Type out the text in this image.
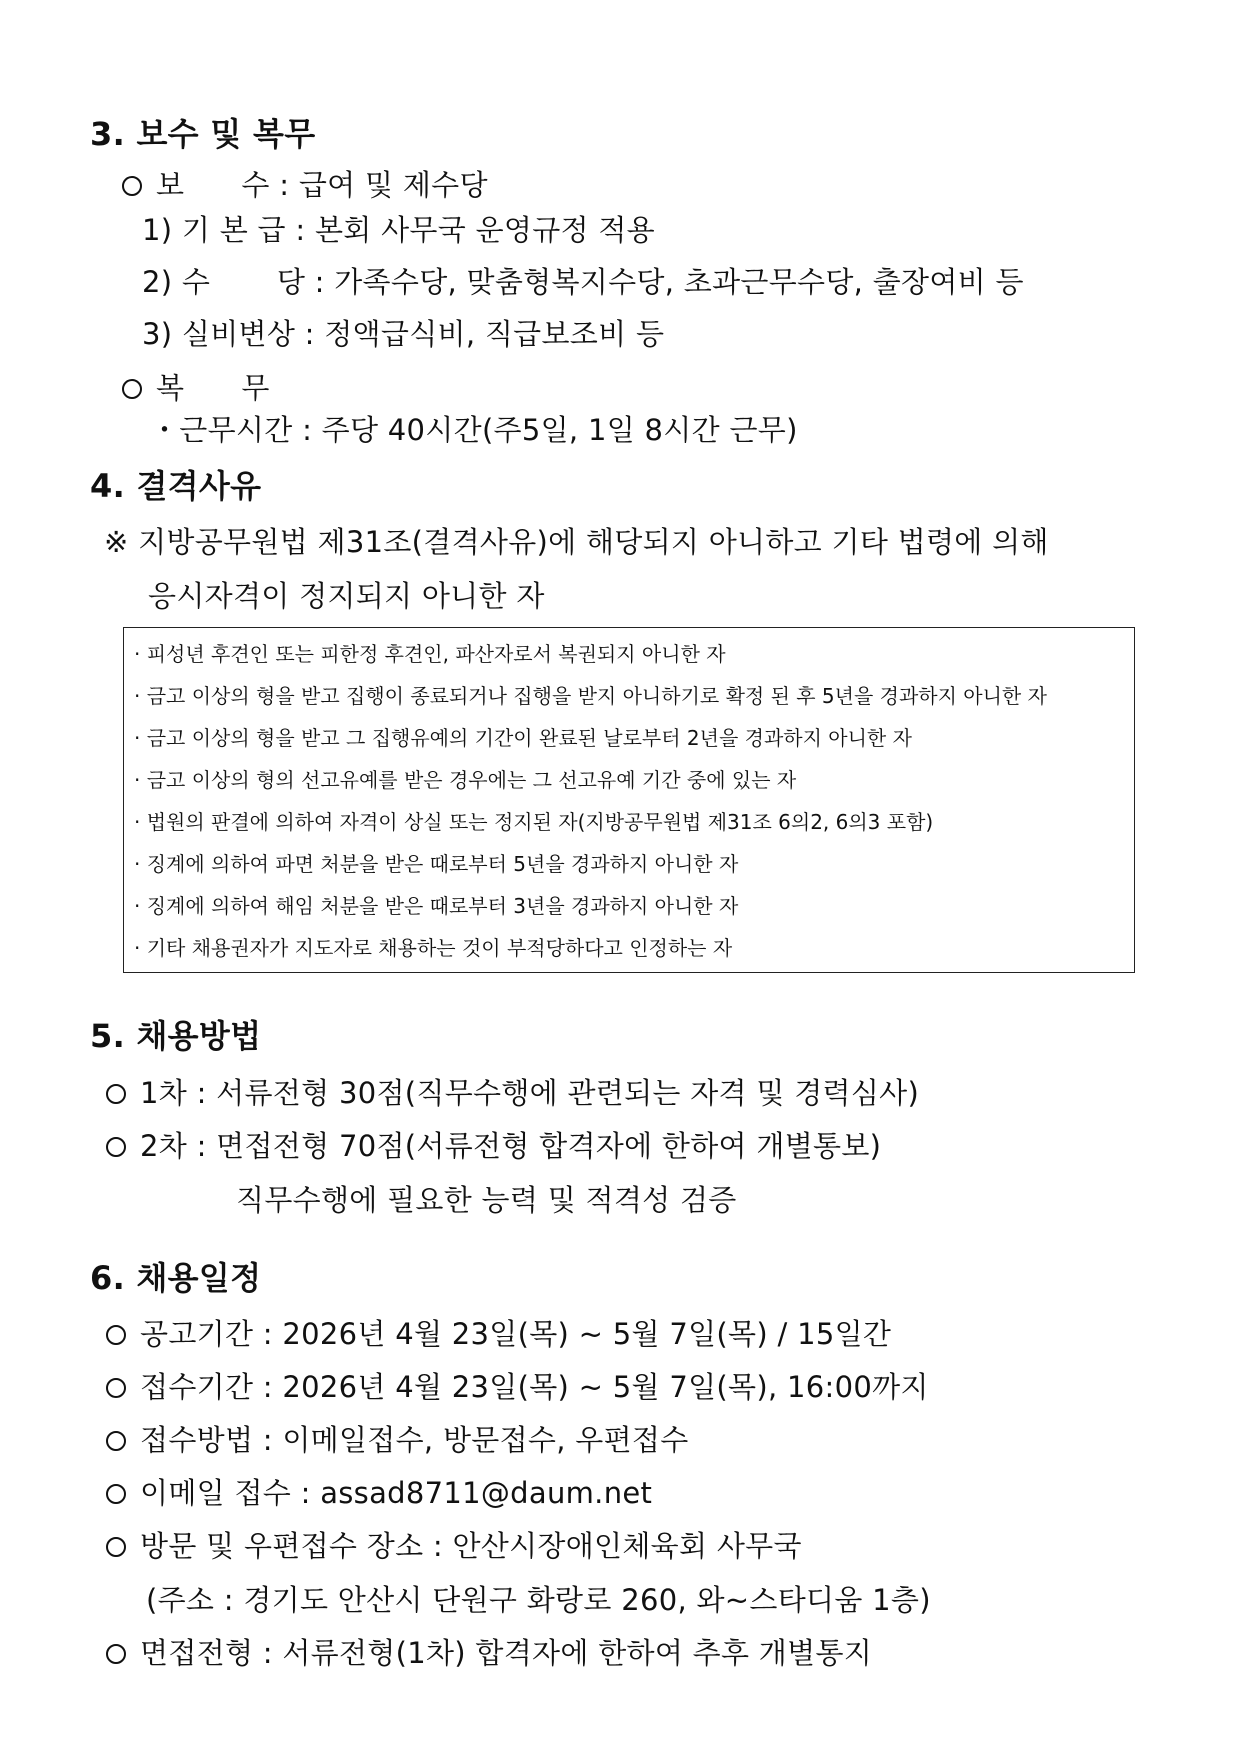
3. 보수 및 복무
보      수 : 급여 및 제수당
1) 기 본 급 : 본회 사무국 운영규정 적용
2) 수       당 : 가족수당, 맞춤형복지수당, 초과근무수당, 출장여비 등
3) 실비변상 : 정액급식비, 직급보조비 등
복      무
・근무시간 : 주당 40시간(주5일, 1일 8시간 근무)
4. 결격사유
※ 지방공무원법 제31조(결격사유)에 해당되지 아니하고 기타 법령에 의해
응시자격이 정지되지 아니한 자
· 피성년 후견인 또는 피한정 후견인, 파산자로서 복권되지 아니한 자
· 금고 이상의 형을 받고 집행이 종료되거나 집행을 받지 아니하기로 확정 된 후 5년을 경과하지 아니한 자
· 금고 이상의 형을 받고 그 집행유예의 기간이 완료된 날로부터 2년을 경과하지 아니한 자
· 금고 이상의 형의 선고유예를 받은 경우에는 그 선고유예 기간 중에 있는 자
· 법원의 판결에 의하여 자격이 상실 또는 정지된 자(지방공무원법 제31조 6의2, 6의3 포함)
· 징계에 의하여 파면 처분을 받은 때로부터 5년을 경과하지 아니한 자
· 징계에 의하여 해임 처분을 받은 때로부터 3년을 경과하지 아니한 자
· 기타 채용권자가 지도자로 채용하는 것이 부적당하다고 인정하는 자
5. 채용방법
1차 : 서류전형 30점(직무수행에 관련되는 자격 및 경력심사)
2차 : 면접전형 70점(서류전형 합격자에 한하여 개별통보)
직무수행에 필요한 능력 및 적격성 검증
6. 채용일정
공고기간 : 2026년 4월 23일(목) ~ 5월 7일(목) / 15일간
접수기간 : 2026년 4월 23일(목) ~ 5월 7일(목), 16:00까지
접수방법 : 이메일접수, 방문접수, 우편접수
이메일 접수 : assad8711@daum.net
방문 및 우편접수 장소 : 안산시장애인체육회 사무국
(주소 : 경기도 안산시 단원구 화랑로 260, 와~스타디움 1층)
면접전형 : 서류전형(1차) 합격자에 한하여 추후 개별통지
